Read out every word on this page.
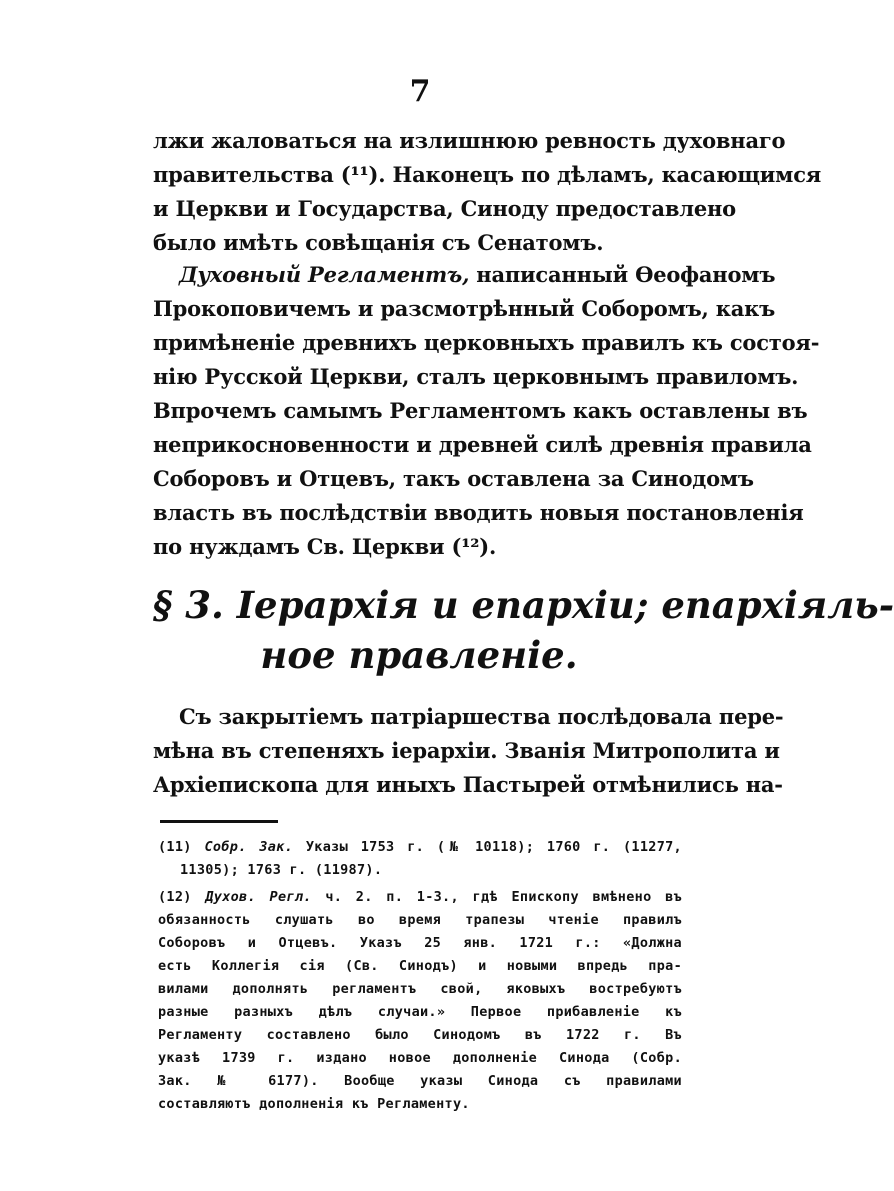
7
лжи жаловаться на излишнюю ревность духовнаго
правительства (¹¹). Наконецъ по дѣламъ, касающимся
и Церкви и Государства, Синоду предоставлено
было имѣть совѣщанія съ Сенатомъ.
Духовный Регламентъ, написанный Ѳеофаномъ
Прокоповичемъ и разсмотрѣнный Соборомъ, какъ
примѣненіе древнихъ церковныхъ правилъ къ состоя-
нію Русской Церкви, сталъ церковнымъ правиломъ.
Впрочемъ самымъ Регламентомъ какъ оставлены въ
неприкосновенности и древней силѣ древнія правила
Соборовъ и Отцевъ, такъ оставлена за Синодомъ
власть въ послѣдствіи вводить новыя постановленія
по нуждамъ Св. Церкви (¹²).
§ 3. Іерархія и епархіи; епархіяль-
ное правленіе.
Съ закрытіемъ патріаршества послѣдовала пере-
мѣна въ степеняхъ іерархіи. Званія Митрополита и
Архіепископа для иныхъ Пастырей отмѣнились на-
(11) Собр. Зак. Указы 1753 г. (№ 10118); 1760 г. (11277,
11305); 1763 г. (11987).
(12) Духов. Регл. ч. 2. п. 1-3., гдѣ Епископу вмѣнено въ
обязанность слушать во время трапезы чтеніе правилъ
Соборовъ и Отцевъ. Указъ 25 янв. 1721 г.: «Должна
есть Коллегія сія (Св. Синодъ) и новыми впредь пра-
вилами дополнять регламентъ свой, яковыхъ востребуютъ
разные разныхъ дѣлъ случаи.» Первое прибавленіе къ
Регламенту составлено было Синодомъ въ 1722 г. Въ
указѣ 1739 г. издано новое дополненіе Синода (Собр.
Зак. № 6177). Вообще указы Синода съ правилами
составляютъ дополненія къ Регламенту.
